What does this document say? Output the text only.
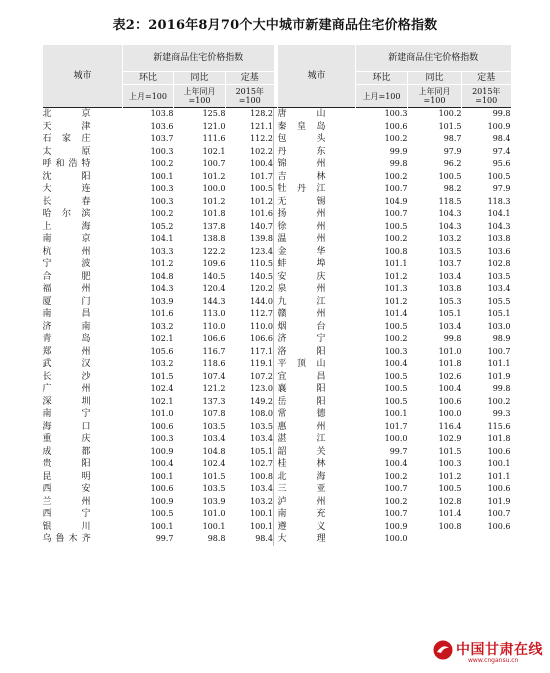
表2：2016年8月70个大中城市新建商品住宅价格指数
城市	新建商品住宅价格指数				城市	新建商品住宅价格指数		
	环比	同比	定基			环比	同比	定基
	上月=100	上年同月=100	2015年=100			上月=100	上年同月=100	2015年=100
北 京	103.8	125.8	128.2		唐 山	100.3	100.2	99.8
天 津	103.6	121.0	121.1		秦皇岛	100.6	101.5	100.9
石家庄	103.7	111.6	112.2		包 头	100.2	98.7	98.4
太 原	100.3	102.1	102.2		丹 东	99.9	97.9	97.4
呼和浩特	100.2	100.7	100.4		锦 州	99.8	96.2	95.6
沈 阳	100.1	101.2	101.7		吉 林	100.2	100.5	100.5
大 连	100.3	100.0	100.5		牡丹江	100.7	98.2	97.9
长 春	100.3	101.2	101.2		无 锡	104.9	118.5	118.3
哈尔滨	100.2	101.8	101.6		扬 州	100.7	104.3	104.1
上 海	105.2	137.8	140.7		徐 州	100.5	104.3	104.3
南 京	104.1	138.8	139.8		温 州	100.2	103.2	103.8
杭 州	103.3	122.2	123.4		金 华	100.8	103.5	103.6
宁 波	101.2	109.6	110.5		蚌 埠	101.1	103.7	102.8
合 肥	104.8	140.5	140.5		安 庆	101.2	103.4	103.5
福 州	104.3	120.4	120.2		泉 州	101.3	103.8	103.4
厦 门	103.9	144.3	144.0		九 江	101.2	105.3	105.5
南 昌	101.6	113.0	112.7		赣 州	101.4	105.1	105.1
济 南	103.2	110.0	110.0		烟 台	100.5	103.4	103.0
青 岛	102.1	106.6	106.6		济 宁	100.2	99.8	98.9
郑 州	105.6	116.7	117.1		洛 阳	100.3	101.0	100.7
武 汉	103.2	118.6	119.1		平顶山	100.4	101.8	101.1
长 沙	101.5	107.4	107.2		宜 昌	100.5	102.6	101.9
广 州	102.4	121.2	123.0		襄 阳	100.5	100.4	99.8
深 圳	102.1	137.3	149.2		岳 阳	100.5	100.6	100.2
南 宁	101.0	107.8	108.0		常 德	100.1	100.0	99.3
海 口	100.6	103.5	103.5		惠 州	101.7	116.4	115.6
重 庆	100.3	103.4	103.4		湛 江	100.0	102.9	101.8
成 都	100.9	104.8	105.1		韶 关	99.7	101.5	100.6
贵 阳	100.4	102.4	102.7		桂 林	100.4	100.3	100.1
昆 明	100.1	101.5	100.8		北 海	100.2	101.2	101.1
西 安	100.6	103.5	103.4		三 亚	100.7	100.5	100.6
兰 州	100.9	103.9	103.2		泸 州	100.2	102.8	101.9
西 宁	100.5	101.0	100.1		南 充	100.7	101.4	100.7
银 川	100.1	100.1	100.1		遵 义	100.9	100.8	100.6
乌鲁木齐	99.7	98.8	98.4		大 理	100.0		
中国甘肃在线
www.cngansu.cn
